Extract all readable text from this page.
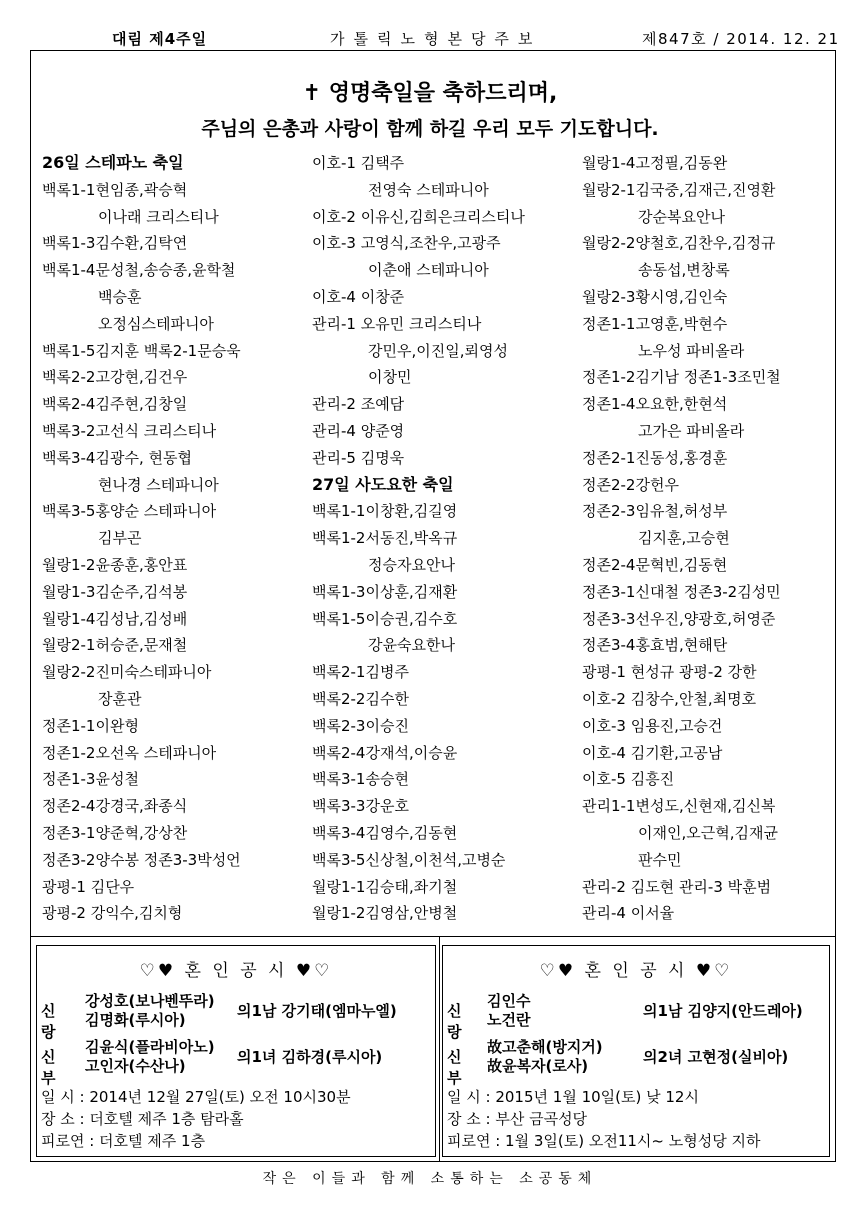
대림 제4주일	가톨릭노형본당주보	제847호 / 2014. 12. 21
✝ 영명축일을 축하드리며,
주님의 은총과 사랑이 함께 하길 우리 모두 기도합니다.
26일 스테파노 축일
백록1-1현임종,곽승혁
이나래 크리스티나
백록1-3김수환,김탁연
백록1-4문성철,송승종,윤학철
백승훈
오정심스테파니아
백록1-5김지훈 백록2-1문승욱
백록2-2고강현,김건우
백록2-4김주현,김창일
백록3-2고선식 크리스티나
백록3-4김광수, 현동협
현나경 스테파니아
백록3-5홍양순 스테파니아
김부곤
월랑1-2윤종훈,홍안표
월랑1-3김순주,김석봉
월랑1-4김성남,김성배
월랑2-1허승준,문재철
월랑2-2진미숙스테파니아
장훈관
정존1-1이완형
정존1-2오선옥 스테파니아
정존1-3윤성철
정존2-4강경국,좌종식
정존3-1양준혁,강상찬
정존3-2양수봉 정존3-3박성언
광평-1 김단우
광평-2 강익수,김치형
이호-1 김택주
전영숙 스테파니아
이호-2 이유신,김희은크리스티나
이호-3 고영식,조찬우,고광주
이춘애 스테파니아
이호-4 이창준
관리-1 오유민 크리스티나
강민우,이진일,뢰영성
이창민
관리-2 조예담
관리-4 양준영
관리-5 김명욱
27일 사도요한 축일
백록1-1이창환,김길영
백록1-2서동진,박옥규
정승자요안나
백록1-3이상훈,김재환
백록1-5이승권,김수호
강윤숙요한나
백록2-1김병주
백록2-2김수한
백록2-3이승진
백록2-4강재석,이승윤
백록3-1송승현
백록3-3강운호
백록3-4김영수,김동현
백록3-5신상철,이천석,고병순
월랑1-1김승태,좌기철
월랑1-2김영삼,안병철
월랑1-4고정필,김동완
월랑2-1김국중,김재근,진영환
강순복요안나
월랑2-2양철호,김찬우,김정규
송동섭,변창록
월랑2-3황시영,김인숙
정존1-1고영훈,박현수
노우성 파비올라
정존1-2김기남 정존1-3조민철
정존1-4오요한,한현석
고가은 파비올라
정존2-1진동성,홍경훈
정존2-2강헌우
정존2-3임유철,허성부
김지훈,고승현
정존2-4문혁빈,김동현
정존3-1신대철 정존3-2김성민
정존3-3선우진,양광호,허영준
정존3-4홍효범,현해탄
광평-1 현성규 광평-2 강한
이호-2 김창수,안철,최명호
이호-3 임용진,고승건
이호-4 김기환,고공남
이호-5 김흥진
관리1-1변성도,신현재,김신복
이재인,오근혁,김재균
판수민
관리-2 김도현 관리-3 박훈범
관리-4 이서율
♡♥ 혼 인 공 시 ♥♡
신랑
강성호(보나벤뚜라)
김명화(루시아)	의1남 강기태(엠마누엘)
신부
김윤식(플라비아노)
고인자(수산나)	의1녀 김하경(루시아)
일 시 : 2014년 12월 27일(토) 오전 10시30분
장 소 : 더호텔 제주 1층 탐라홀
피로연 : 더호텔 제주 1층
♡♥ 혼 인 공 시 ♥♡
신랑
김인수
노건란	의1남 김양지(안드레아)
신부
故고춘해(방지거)
故윤복자(로사)	의2녀 고현정(실비아)
일 시 : 2015년 1월 10일(토) 낮 12시
장 소 : 부산 금곡성당
피로연 : 1월 3일(토) 오전11시~ 노형성당 지하
작은 이들과 함께 소통하는 소공동체
